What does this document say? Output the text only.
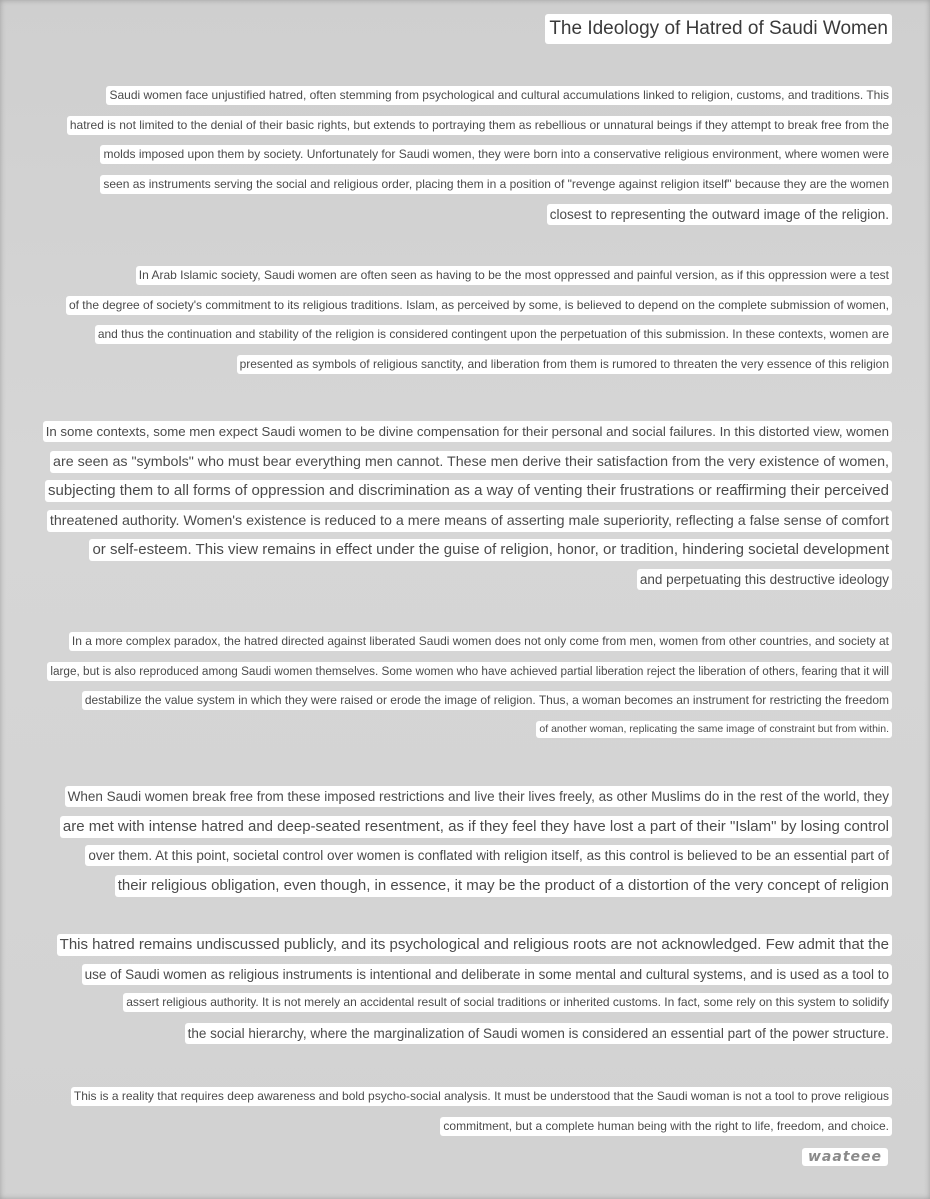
The Ideology of Hatred of Saudi Women
Saudi women face unjustified hatred, often stemming from psychological and cultural accumulations linked to religion, customs, and traditions. This
hatred is not limited to the denial of their basic rights, but extends to portraying them as rebellious or unnatural beings if they attempt to break free from the
molds imposed upon them by society. Unfortunately for Saudi women, they were born into a conservative religious environment, where women were
seen as instruments serving the social and religious order, placing them in a position of "revenge against religion itself" because they are the women
closest to representing the outward image of the religion.
In Arab Islamic society, Saudi women are often seen as having to be the most oppressed and painful version, as if this oppression were a test
of the degree of society's commitment to its religious traditions. Islam, as perceived by some, is believed to depend on the complete submission of women,
and thus the continuation and stability of the religion is considered contingent upon the perpetuation of this submission. In these contexts, women are
presented as symbols of religious sanctity, and liberation from them is rumored to threaten the very essence of this religion
In some contexts, some men expect Saudi women to be divine compensation for their personal and social failures. In this distorted view, women
are seen as "symbols" who must bear everything men cannot. These men derive their satisfaction from the very existence of women,
subjecting them to all forms of oppression and discrimination as a way of venting their frustrations or reaffirming their perceived
threatened authority. Women's existence is reduced to a mere means of asserting male superiority, reflecting a false sense of comfort
or self-esteem. This view remains in effect under the guise of religion, honor, or tradition, hindering societal development
and perpetuating this destructive ideology
In a more complex paradox, the hatred directed against liberated Saudi women does not only come from men, women from other countries, and society at
large, but is also reproduced among Saudi women themselves. Some women who have achieved partial liberation reject the liberation of others, fearing that it will
destabilize the value system in which they were raised or erode the image of religion. Thus, a woman becomes an instrument for restricting the freedom
of another woman, replicating the same image of constraint but from within.
When Saudi women break free from these imposed restrictions and live their lives freely, as other Muslims do in the rest of the world, they
are met with intense hatred and deep-seated resentment, as if they feel they have lost a part of their "Islam" by losing control
over them. At this point, societal control over women is conflated with religion itself, as this control is believed to be an essential part of
their religious obligation, even though, in essence, it may be the product of a distortion of the very concept of religion
This hatred remains undiscussed publicly, and its psychological and religious roots are not acknowledged. Few admit that the
use of Saudi women as religious instruments is intentional and deliberate in some mental and cultural systems, and is used as a tool to
assert religious authority. It is not merely an accidental result of social traditions or inherited customs. In fact, some rely on this system to solidify
the social hierarchy, where the marginalization of Saudi women is considered an essential part of the power structure.
This is a reality that requires deep awareness and bold psycho-social analysis. It must be understood that the Saudi woman is not a tool to prove religious
commitment, but a complete human being with the right to life, freedom, and choice.
waateee
